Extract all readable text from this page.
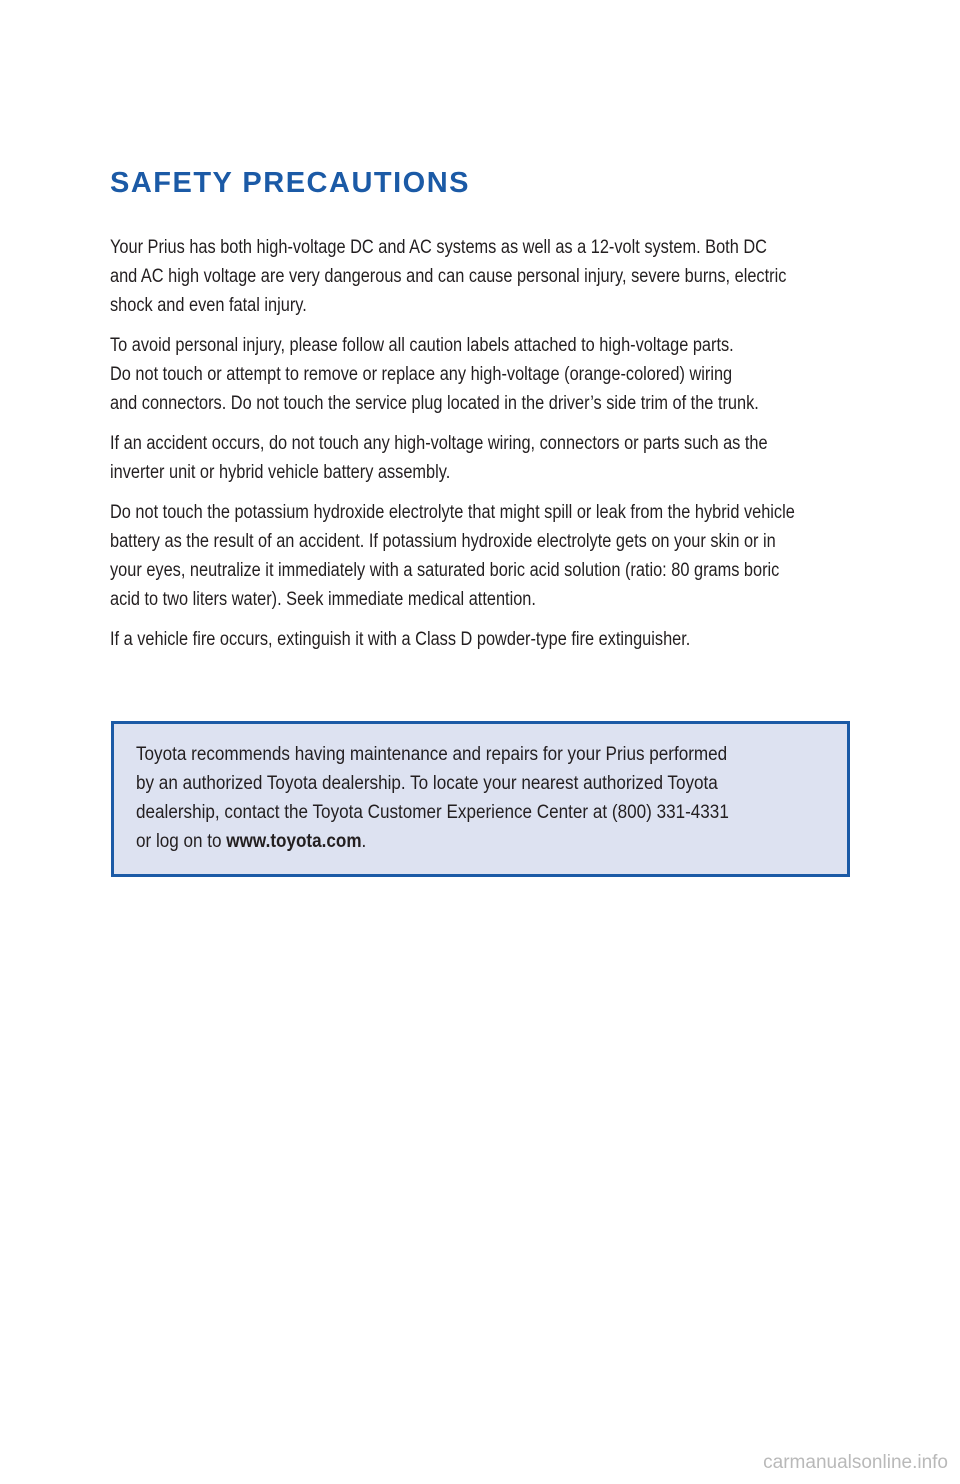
SAFETY PRECAUTIONS

Your Prius has both high-voltage DC and AC systems as well as a 12-volt system. Both DC
and AC high voltage are very dangerous and can cause personal injury, severe burns, electric
shock and even fatal injury.

To avoid personal injury, please follow all caution labels attached to high-voltage parts.
Do not touch or attempt to remove or replace any high-voltage (orange-colored) wiring
and connectors. Do not touch the service plug located in the driver’s side trim of the trunk.

If an accident occurs, do not touch any high-voltage wiring, connectors or parts such as the
inverter unit or hybrid vehicle battery assembly.

Do not touch the potassium hydroxide electrolyte that might spill or leak from the hybrid vehicle
battery as the result of an accident. If potassium hydroxide electrolyte gets on your skin or in
your eyes, neutralize it immediately with a saturated boric acid solution (ratio: 80 grams boric
acid to two liters water). Seek immediate medical attention.

If a vehicle fire occurs, extinguish it with a Class D powder-type fire extinguisher.

Toyota recommends having maintenance and repairs for your Prius performed
by an authorized Toyota dealership. To locate your nearest authorized Toyota
dealership, contact the Toyota Customer Experience Center at (800) 331-4331
or log on to www.toyota.com.
carmanualsonline.info
